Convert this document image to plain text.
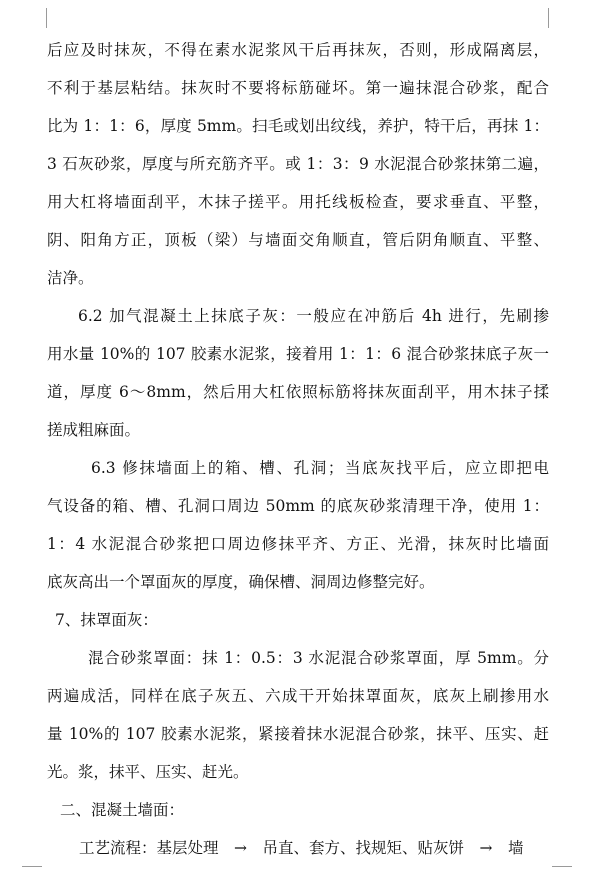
后应及时抹灰，不得在素水泥浆风干后再抹灰，否则，形成隔离层，
不利于基层粘结。抹灰时不要将标筋碰坏。第一遍抹混合砂浆，配合
比为 1：1：6，厚度 5mm。扫毛或划出纹线，养护，特干后，再抹 1：
3 石灰砂浆，厚度与所充筋齐平。或 1：3：9 水泥混合砂浆抹第二遍，
用大杠将墙面刮平，木抹子搓平。用托线板检查，要求垂直、平整，
阴、阳角方正，顶板（梁）与墙面交角顺直，管后阴角顺直、平整、
洁净。
6.2 加气混凝土上抹底子灰：一般应在冲筋后 4h 进行，先刷掺
用水量 10%的 107 胶素水泥浆，接着用 1：1：6 混合砂浆抹底子灰一
道，厚度 6～8mm，然后用大杠依照标筋将抹灰面刮平，用木抹子揉
搓成粗麻面。
6.3 修抹墙面上的箱、槽、孔洞；当底灰找平后，应立即把电
气设备的箱、槽、孔洞口周边 50mm 的底灰砂浆清理干净，使用 1：
1：4 水泥混合砂浆把口周边修抹平齐、方正、光滑，抹灰时比墙面
底灰高出一个罩面灰的厚度，确保槽、洞周边修整完好。
7、抹罩面灰：
混合砂浆罩面：抹 1：0.5：3 水泥混合砂浆罩面，厚 5mm。分
两遍成活，同样在底子灰五、六成干开始抹罩面灰，底灰上刷掺用水
量 10%的 107 胶素水泥浆，紧接着抹水泥混合砂浆，抹平、压实、赶
光。浆，抹平、压实、赶光。
二、混凝土墙面：
工艺流程：基层处理　→　吊直、套方、找规矩、贴灰饼　→　墙
